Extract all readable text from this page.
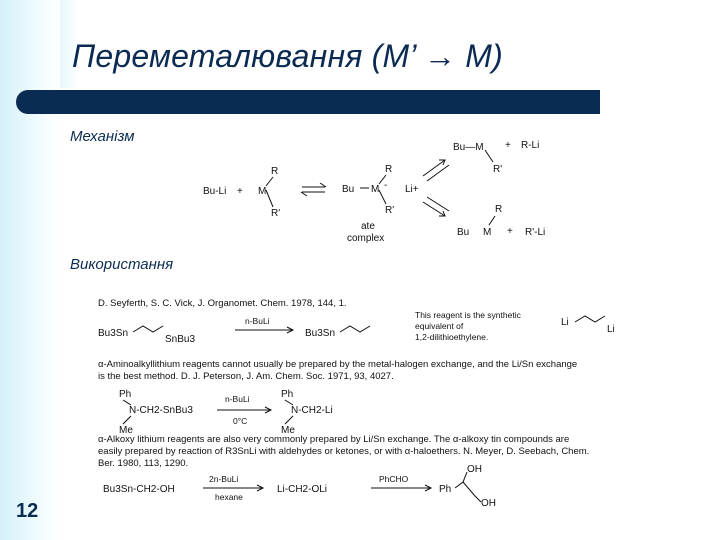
Переметалювання (M’ → M)
Механізм
Використання
Bu-Li +
R
M
R'
R
Bu M -
R'
Li+
ate
complex
Bu—M + R-Li
R'
R
Bu M + R'-Li
D. Seyferth, S. C. Vick, J. Organomet. Chem. 1978, 144, 1.
Bu3Sn
SnBu3
n-BuLi
Bu3Sn
This reagent is the synthetic
equivalent of
1,2-dilithioethylene.
Li
Li
α-Aminoalkyllithium reagents cannot usually be prepared by the metal-halogen exchange, and the Li/Sn exchange
is the best method. D. J. Peterson, J. Am. Chem. Soc. 1971, 93, 4027.
Ph
N-CH2-SnBu3
Me
n-BuLi
0°C
Ph
N-CH2-Li
Me
α-Alkoxy lithium reagents are also very commonly prepared by Li/Sn exchange. The α-alkoxy tin compounds are
easily prepared by reaction of R3SnLi with aldehydes or ketones, or with α-haloethers. N. Meyer, D. Seebach, Chem.
Ber. 1980, 113, 1290.
Bu3Sn-CH2-OH
2n-BuLi
hexane
Li-CH2-OLi
PhCHO
Ph
OH
OH
12
